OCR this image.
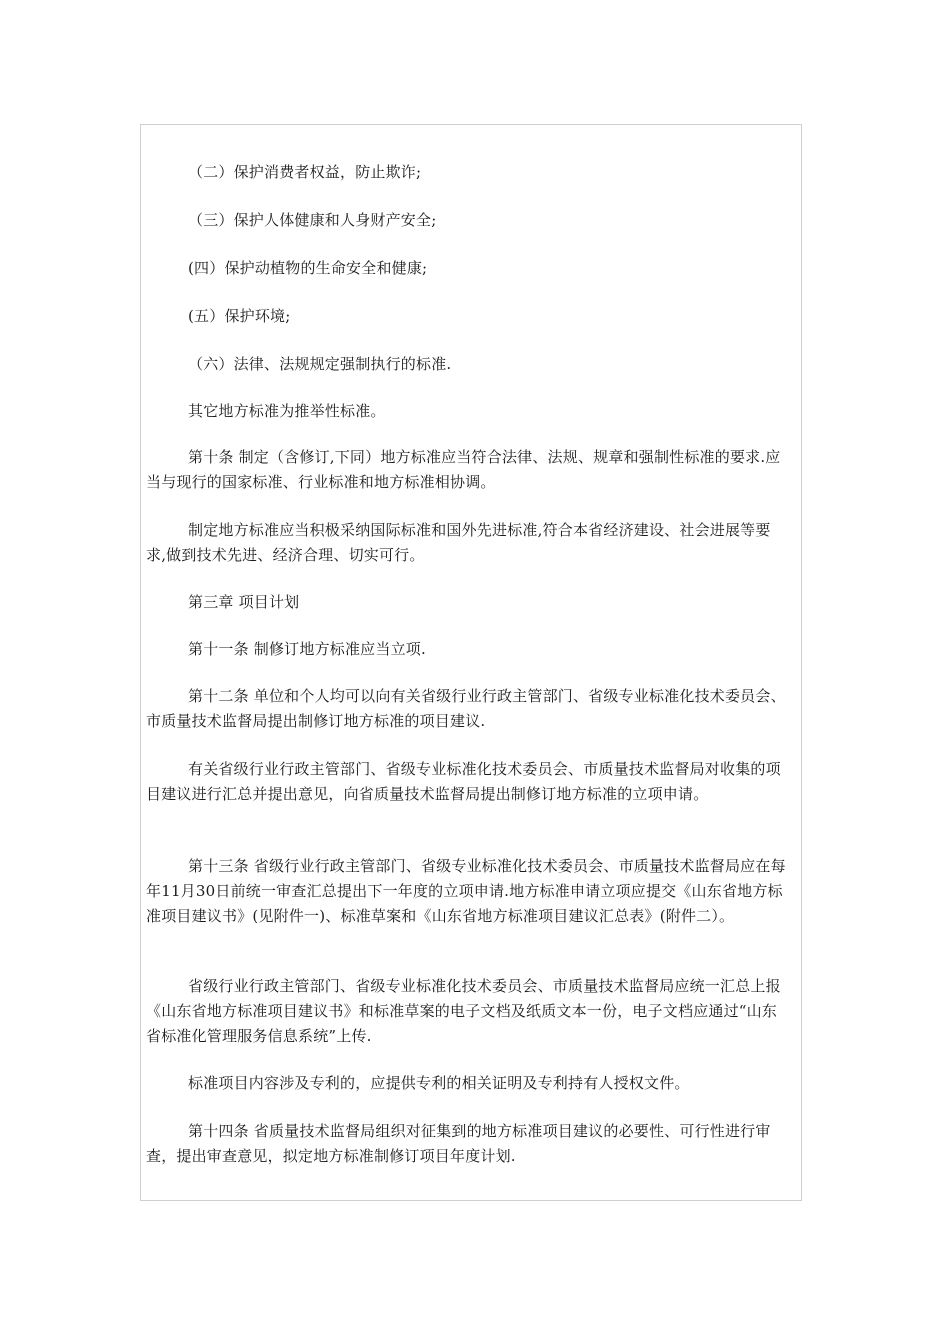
（二）保护消费者权益，防止欺诈;

（三）保护人体健康和人身财产安全;

(四）保护动植物的生命安全和健康;

(五）保护环境;

（六）法律、法规规定强制执行的标准.

其它地方标准为推举性标准。

第十条 制定（含修订,下同）地方标准应当符合法律、法规、规章和强制性标准的要求.应当与现行的国家标准、行业标准和地方标准相协调。

制定地方标准应当积极采纳国际标准和国外先进标准,符合本省经济建设、社会进展等要求,做到技术先进、经济合理、切实可行。

第三章 项目计划

第十一条 制修订地方标准应当立项.

第十二条 单位和个人均可以向有关省级行业行政主管部门、省级专业标准化技术委员会、市质量技术监督局提出制修订地方标准的项目建议.

有关省级行业行政主管部门、省级专业标准化技术委员会、市质量技术监督局对收集的项目建议进行汇总并提出意见，向省质量技术监督局提出制修订地方标准的立项申请。

第十三条 省级行业行政主管部门、省级专业标准化技术委员会、市质量技术监督局应在每年11月30日前统一审查汇总提出下一年度的立项申请.地方标准申请立项应提交《山东省地方标准项目建议书》(见附件一)、标准草案和《山东省地方标准项目建议汇总表》(附件二）。

省级行业行政主管部门、省级专业标准化技术委员会、市质量技术监督局应统一汇总上报《山东省地方标准项目建议书》和标准草案的电子文档及纸质文本一份，电子文档应通过“山东省标准化管理服务信息系统”上传.

标准项目内容涉及专利的，应提供专利的相关证明及专利持有人授权文件。

第十四条 省质量技术监督局组织对征集到的地方标准项目建议的必要性、可行性进行审查，提出审查意见，拟定地方标准制修订项目年度计划.
